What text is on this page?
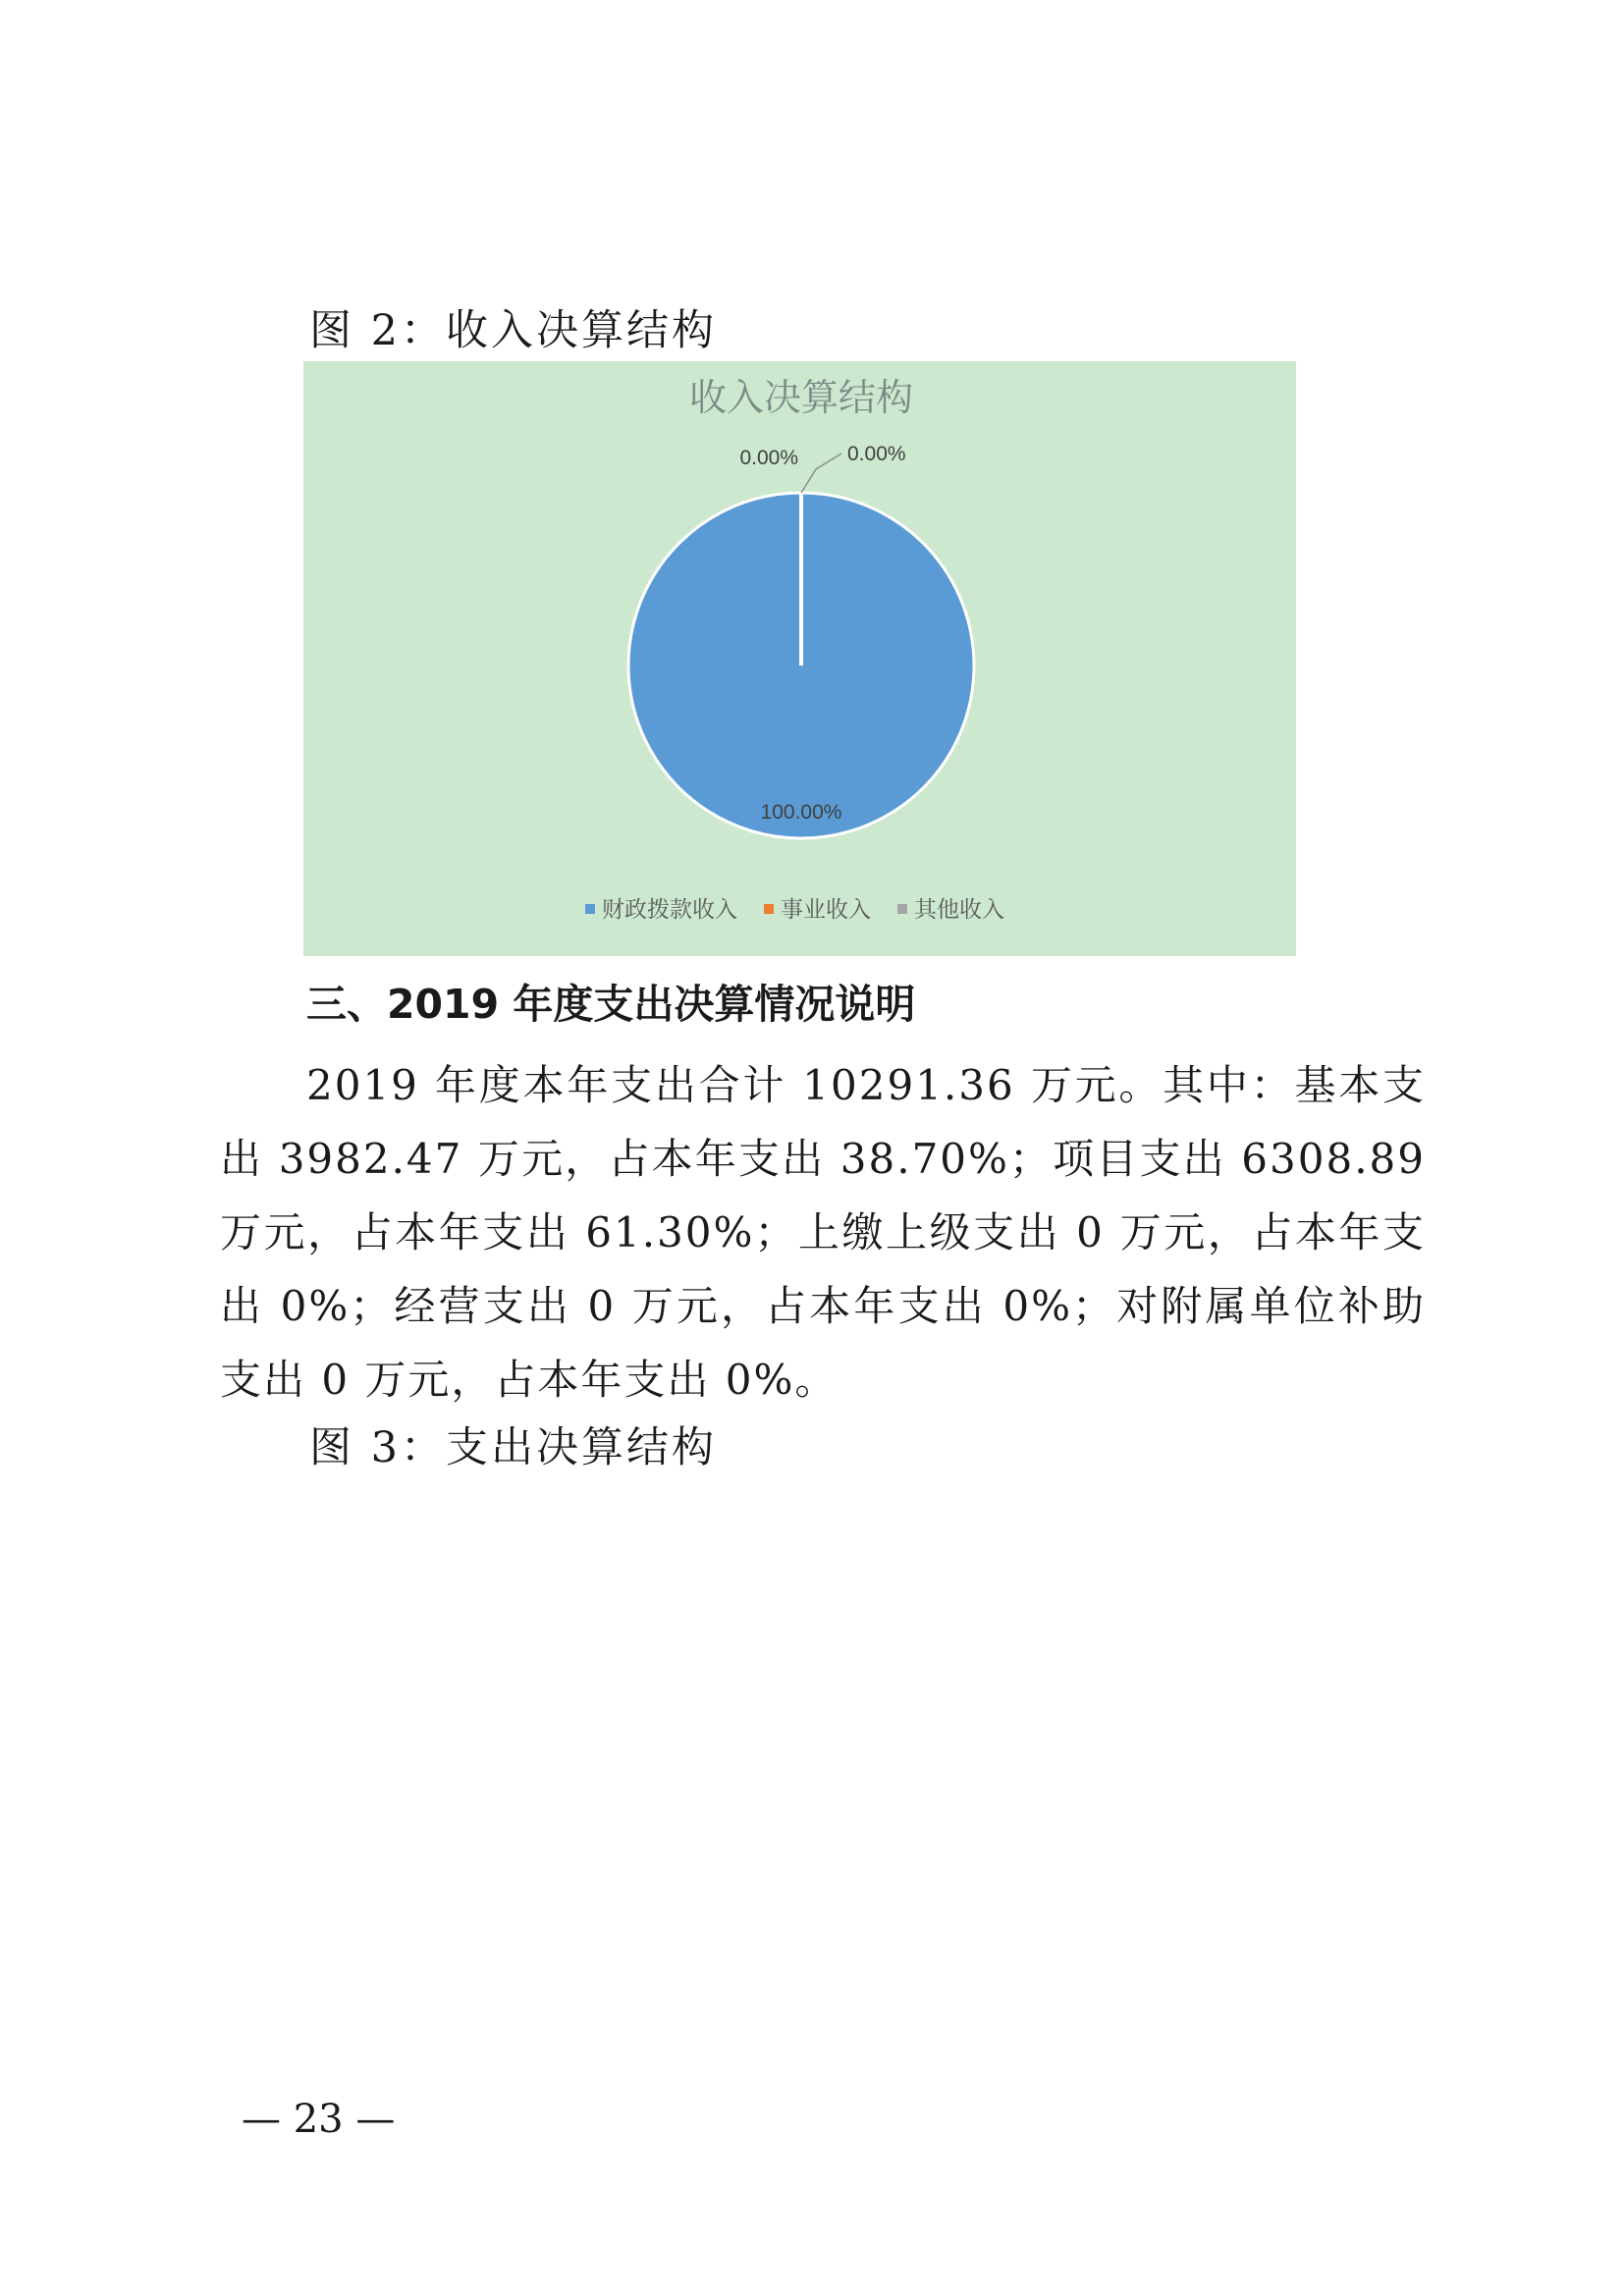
图 2：收入决算结构
收入决算结构
100.00%
0.00% 0.00%
财政拨款收入 事业收入 其他收入
三、2019 年度支出决算情况说明

2019 年度本年支出合计 10291.36 万元。其中：基本支出 3982.47 万元，占本年支出 38.70%；项目支出 6308.89 万元，占本年支出 61.30%；上缴上级支出 0 万元，占本年支出 0%；经营支出 0 万元，占本年支出 0%；对附属单位补助支出 0 万元，占本年支出 0%。

图 3：支出决算结构
— 23 —
